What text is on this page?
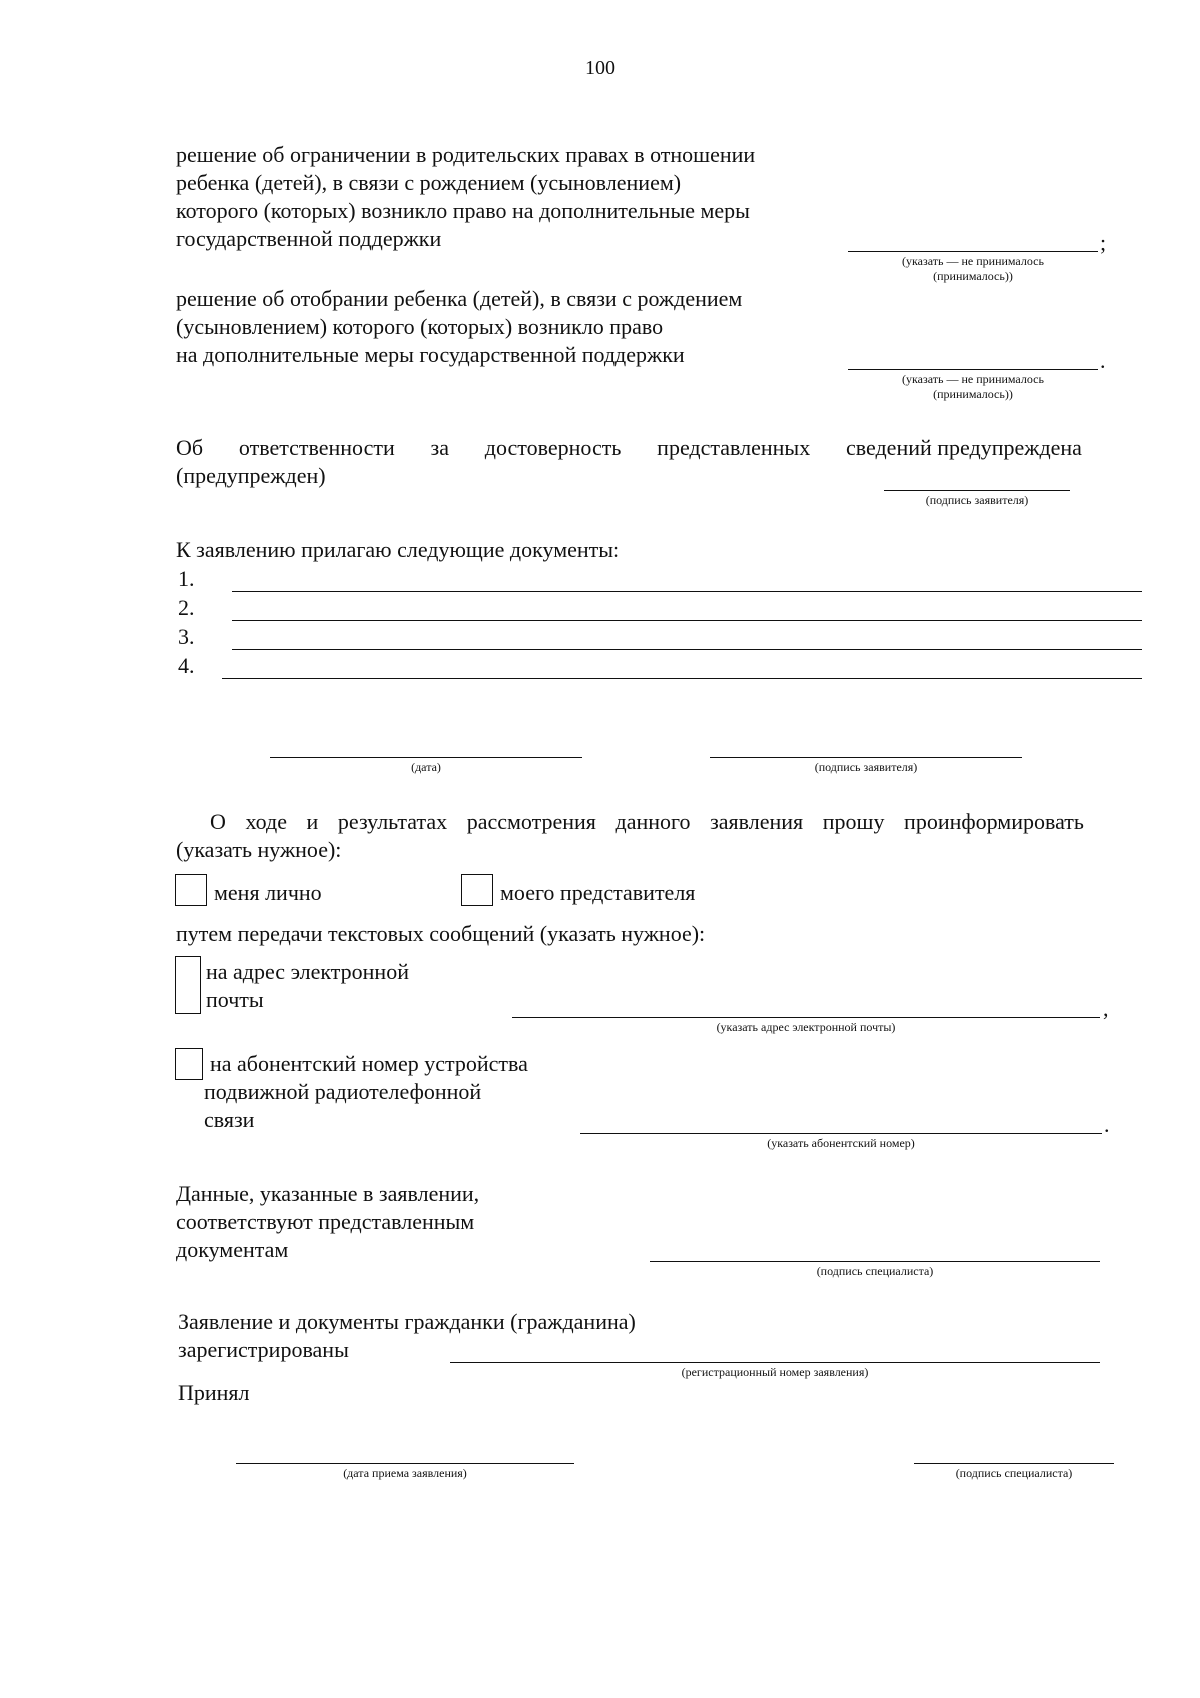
100
решение об ограничении в родительских правах в отношении
ребенка (детей), в связи с рождением (усыновлением)
которого (которых) возникло право на дополнительные меры
государственной поддержки	;
(указать — не принималось
(принималось))
решение об отобрании ребенка (детей), в связи с рождением
(усыновлением) которого (которых) возникло право
на дополнительные меры государственной поддержки	.
(указать — не принималось
(принималось))
Об ответственности за достоверность представленных сведений предупреждена
(предупрежден)
(подпись заявителя)
К заявлению прилагаю следующие документы:
1.
2.
3.
4.
(дата)	(подпись заявителя)
О ходе и результатах рассмотрения данного заявления прошу проинформировать
(указать нужное):
меня лично	моего представителя
путем передачи текстовых сообщений (указать нужное):
на адрес электронной
почты	,
(указать адрес электронной почты)
на абонентский номер устройства
подвижной радиотелефонной
связи	.
(указать абонентский номер)
Данные, указанные в заявлении,
соответствуют представленным
документам
(подпись специалиста)
Заявление и документы гражданки (гражданина)
зарегистрированы
(регистрационный номер заявления)
Принял
(дата приема заявления)	(подпись специалиста)
